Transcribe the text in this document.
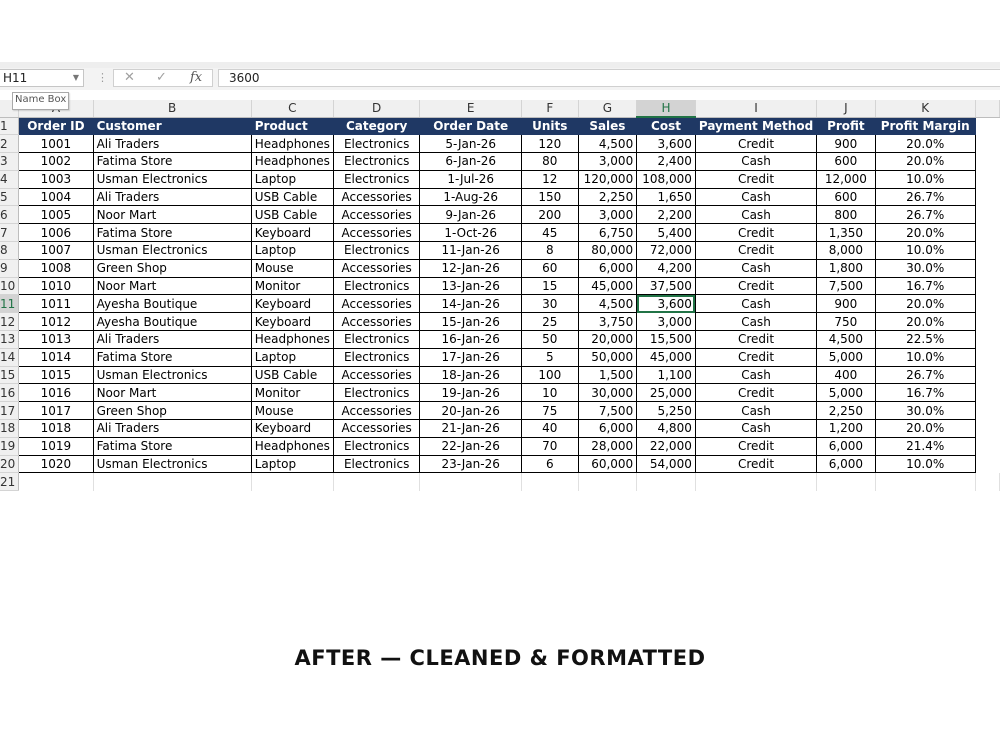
H11	▼ ⋮ ✕ ✓ fx	3600
Name Box
		B	C	D	E	F	G	H	I	J	K	
1	Order ID	Customer	Product	Category	Order Date	Units	Sales	Cost	Payment Method	Profit	Profit Margin	
2	1001	Ali Traders	Headphones	Electronics	5-Jan-26	120	4,500	3,600	Credit	900	20.0%	
3	1002	Fatima Store	Headphones	Electronics	6-Jan-26	80	3,000	2,400	Cash	600	20.0%	
4	1003	Usman Electronics	Laptop	Electronics	1-Jul-26	12	120,000	108,000	Credit	12,000	10.0%	
5	1004	Ali Traders	USB Cable	Accessories	1-Aug-26	150	2,250	1,650	Cash	600	26.7%	
6	1005	Noor Mart	USB Cable	Accessories	9-Jan-26	200	3,000	2,200	Cash	800	26.7%	
7	1006	Fatima Store	Keyboard	Accessories	1-Oct-26	45	6,750	5,400	Credit	1,350	20.0%	
8	1007	Usman Electronics	Laptop	Electronics	11-Jan-26	8	80,000	72,000	Credit	8,000	10.0%	
9	1008	Green Shop	Mouse	Accessories	12-Jan-26	60	6,000	4,200	Cash	1,800	30.0%	
10	1010	Noor Mart	Monitor	Electronics	13-Jan-26	15	45,000	37,500	Credit	7,500	16.7%	
11	1011	Ayesha Boutique	Keyboard	Accessories	14-Jan-26	30	4,500	3,600	Cash	900	20.0%	
12	1012	Ayesha Boutique	Keyboard	Accessories	15-Jan-26	25	3,750	3,000	Cash	750	20.0%	
13	1013	Ali Traders	Headphones	Electronics	16-Jan-26	50	20,000	15,500	Credit	4,500	22.5%	
14	1014	Fatima Store	Laptop	Electronics	17-Jan-26	5	50,000	45,000	Credit	5,000	10.0%	
15	1015	Usman Electronics	USB Cable	Accessories	18-Jan-26	100	1,500	1,100	Cash	400	26.7%	
16	1016	Noor Mart	Monitor	Electronics	19-Jan-26	10	30,000	25,000	Credit	5,000	16.7%	
17	1017	Green Shop	Mouse	Accessories	20-Jan-26	75	7,500	5,250	Cash	2,250	30.0%	
18	1018	Ali Traders	Keyboard	Accessories	21-Jan-26	40	6,000	4,800	Cash	1,200	20.0%	
19	1019	Fatima Store	Headphones	Electronics	22-Jan-26	70	28,000	22,000	Credit	6,000	21.4%	
20	1020	Usman Electronics	Laptop	Electronics	23-Jan-26	6	60,000	54,000	Credit	6,000	10.0%	
21												
AFTER — CLEANED & FORMATTED
